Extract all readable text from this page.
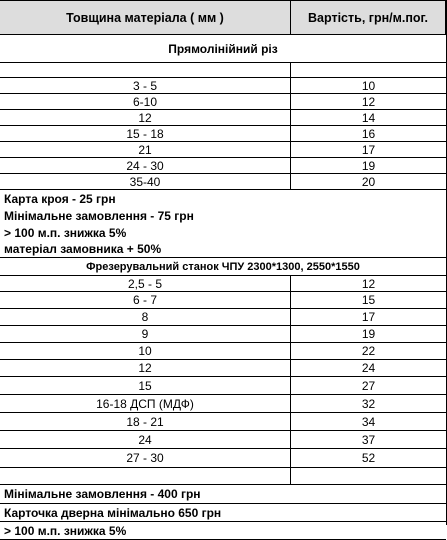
Товщина матеріала ( мм )	Вартість, грн/м.пог.
Прямолінійний різ
3 - 5	10
6-10	12
12	14
15 - 18	16
21	17
24 - 30	19
35-40	20
Карта кроя - 25 грн
Мінімальне замовлення - 75 грн
> 100 м.п. знижка 5%
матеріал замовника + 50%
Фрезерувальний станок ЧПУ 2300*1300, 2550*1550
2,5 - 5	12
6 - 7	15
8	17
9	19
10	22
12	24
15	27
16-18 ДСП (МДФ)	32
18 - 21	34
24	37
27 - 30	52
Мінімальне замовлення - 400 грн
Карточка дверна мінімально 650 грн
> 100 м.п. знижка 5%
